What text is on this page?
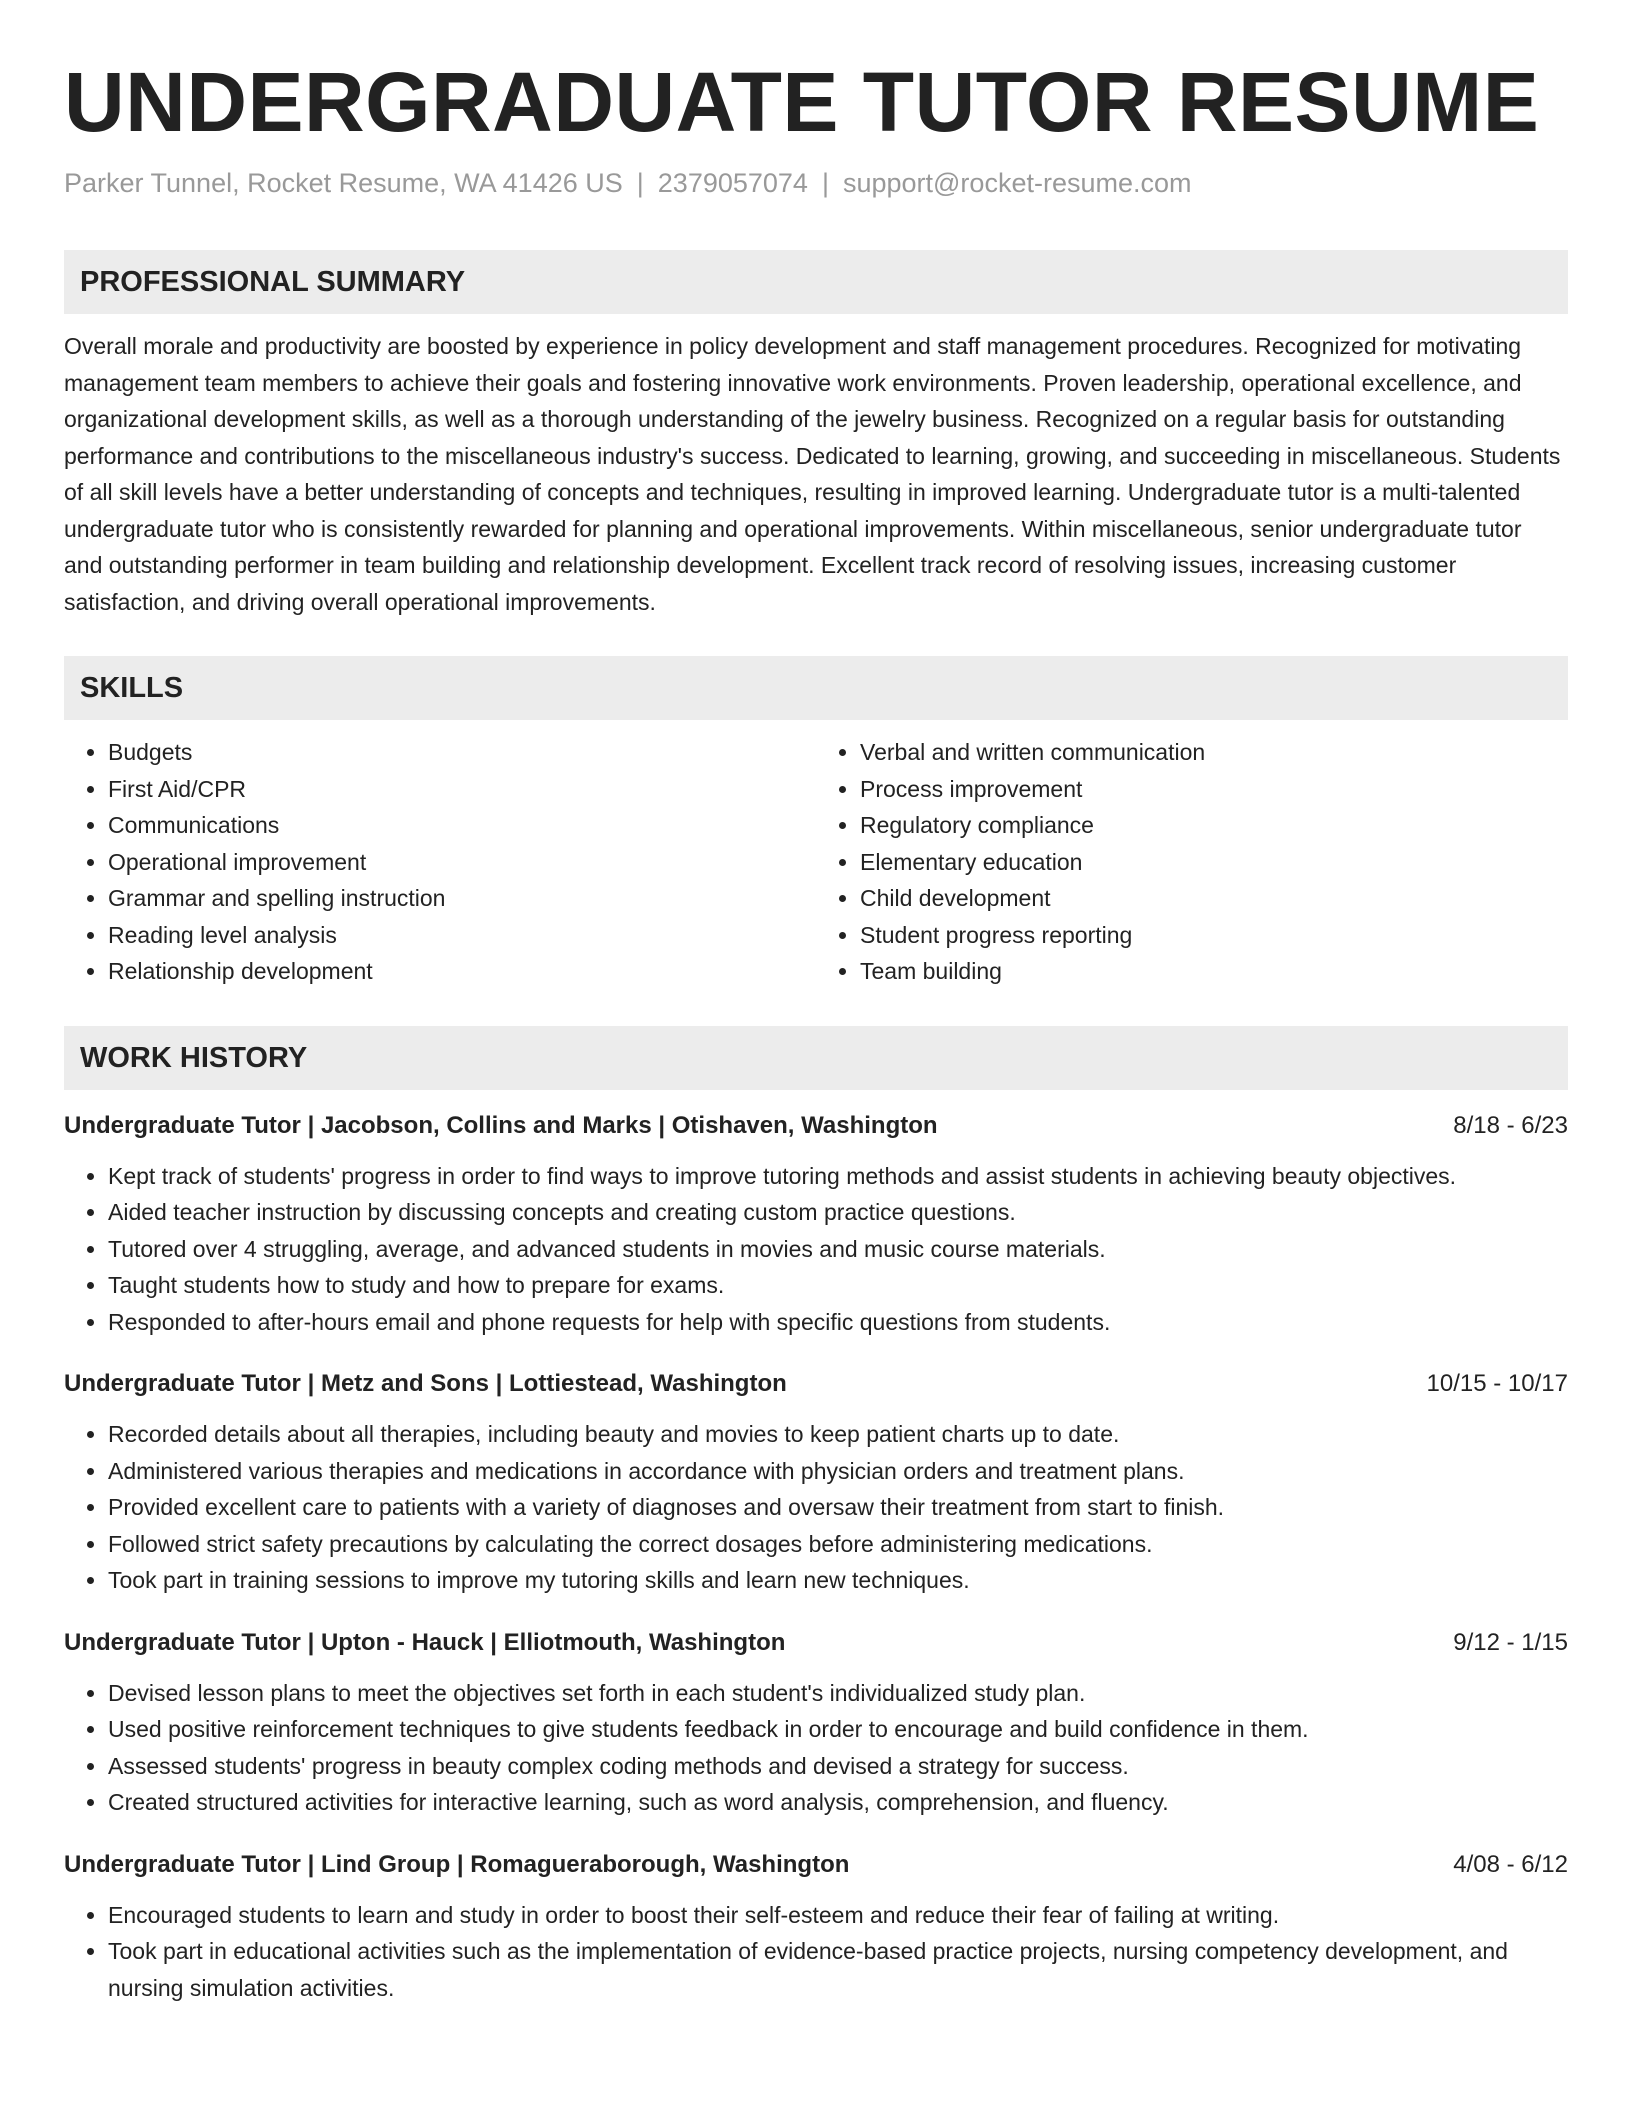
UNDERGRADUATE TUTOR RESUME
Parker Tunnel, Rocket Resume, WA 41426 US | 2379057074 | support@rocket-resume.com
PROFESSIONAL SUMMARY
Overall morale and productivity are boosted by experience in policy development and staff management procedures. Recognized for motivating management team members to achieve their goals and fostering innovative work environments. Proven leadership, operational excellence, and organizational development skills, as well as a thorough understanding of the jewelry business. Recognized on a regular basis for outstanding performance and contributions to the miscellaneous industry's success. Dedicated to learning, growing, and succeeding in miscellaneous. Students of all skill levels have a better understanding of concepts and techniques, resulting in improved learning. Undergraduate tutor is a multi-talented undergraduate tutor who is consistently rewarded for planning and operational improvements. Within miscellaneous, senior undergraduate tutor and outstanding performer in team building and relationship development. Excellent track record of resolving issues, increasing customer satisfaction, and driving overall operational improvements.
SKILLS
• Budgets
• First Aid/CPR
• Communications
• Operational improvement
• Grammar and spelling instruction
• Reading level analysis
• Relationship development
• Verbal and written communication
• Process improvement
• Regulatory compliance
• Elementary education
• Child development
• Student progress reporting
• Team building
WORK HISTORY
Undergraduate Tutor | Jacobson, Collins and Marks | Otishaven, Washington	8/18 - 6/23
• Kept track of students' progress in order to find ways to improve tutoring methods and assist students in achieving beauty objectives.
• Aided teacher instruction by discussing concepts and creating custom practice questions.
• Tutored over 4 struggling, average, and advanced students in movies and music course materials.
• Taught students how to study and how to prepare for exams.
• Responded to after-hours email and phone requests for help with specific questions from students.
Undergraduate Tutor | Metz and Sons | Lottiestead, Washington	10/15 - 10/17
• Recorded details about all therapies, including beauty and movies to keep patient charts up to date.
• Administered various therapies and medications in accordance with physician orders and treatment plans.
• Provided excellent care to patients with a variety of diagnoses and oversaw their treatment from start to finish.
• Followed strict safety precautions by calculating the correct dosages before administering medications.
• Took part in training sessions to improve my tutoring skills and learn new techniques.
Undergraduate Tutor | Upton - Hauck | Elliotmouth, Washington	9/12 - 1/15
• Devised lesson plans to meet the objectives set forth in each student's individualized study plan.
• Used positive reinforcement techniques to give students feedback in order to encourage and build confidence in them.
• Assessed students' progress in beauty complex coding methods and devised a strategy for success.
• Created structured activities for interactive learning, such as word analysis, comprehension, and fluency.
Undergraduate Tutor | Lind Group | Romagueraborough, Washington	4/08 - 6/12
• Encouraged students to learn and study in order to boost their self-esteem and reduce their fear of failing at writing.
• Took part in educational activities such as the implementation of evidence-based practice projects, nursing competency development, and nursing simulation activities.
